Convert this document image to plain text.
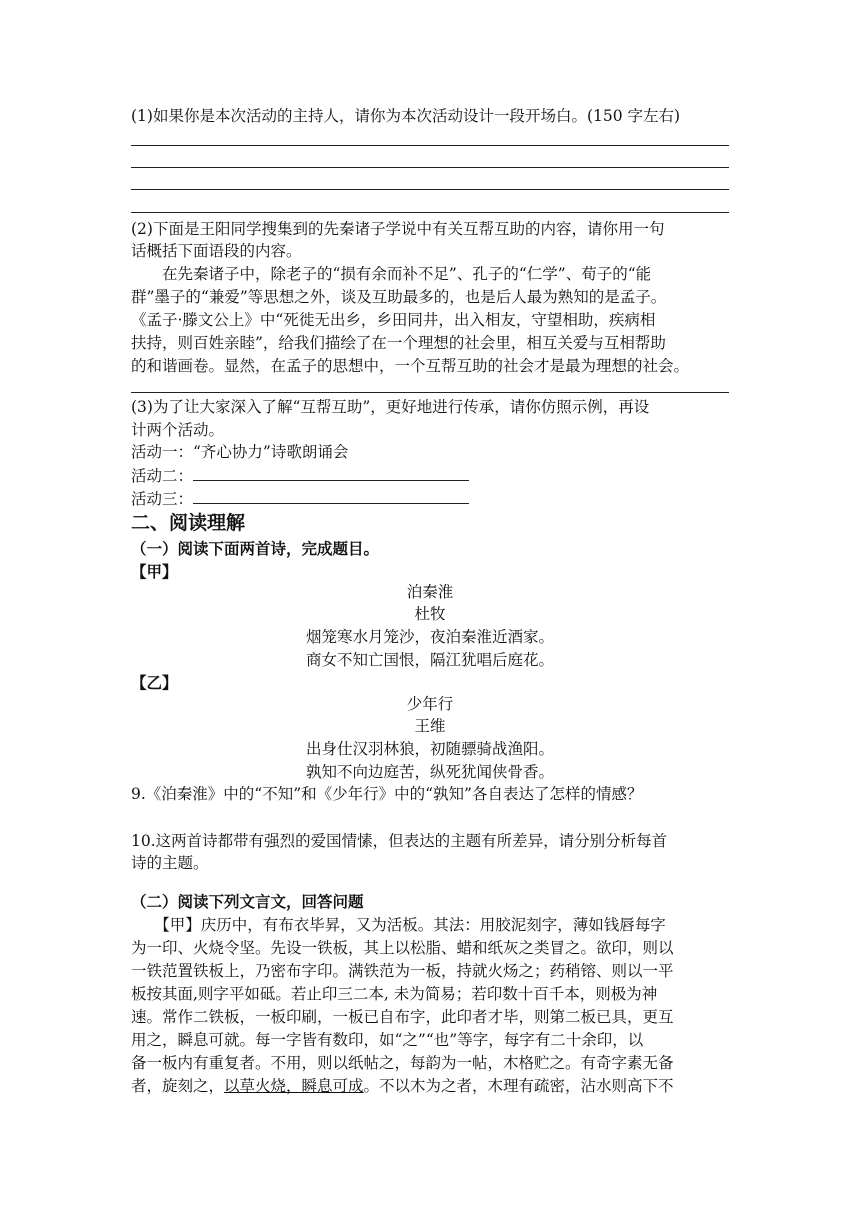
(1)如果你是本次活动的主持人，请你为本次活动设计一段开场白。(150 字左右)
(2)下面是王阳同学搜集到的先秦诸子学说中有关互帮互助的内容，请你用一句
话概括下面语段的内容。
　　在先秦诸子中，除老子的“损有余而补不足”、孔子的“仁学”、荀子的“能
群”墨子的“兼爱”等思想之外，谈及互助最多的，也是后人最为熟知的是孟子。
《孟子·滕文公上》中“死徙无出乡，乡田同井，出入相友，守望相助，疾病相
扶持，则百姓亲睦”，给我们描绘了在一个理想的社会里，相互关爱与互相帮助
的和谐画卷。显然，在孟子的思想中，一个互帮互助的社会才是最为理想的社会。
(3)为了让大家深入了解“互帮互助”，更好地进行传承，请你仿照示例，再设
计两个活动。
活动一：“齐心协力”诗歌朗诵会
活动二：
活动三：
二、阅读理解
（一）阅读下面两首诗，完成题目。
【甲】
泊秦淮
杜牧
烟笼寒水月笼沙，夜泊秦淮近酒家。
商女不知亡国恨，隔江犹唱后庭花。
【乙】
少年行
王维
出身仕汉羽林狼，初随骠骑战渔阳。
孰知不向边庭苦，纵死犹闻侠骨香。
9.《泊秦淮》中的“不知”和《少年行》中的“孰知”各自表达了怎样的情感？
10.这两首诗都带有强烈的爱国情愫，但表达的主题有所差异，请分别分析每首
诗的主题。
（二）阅读下列文言文，回答问题
　　【甲】庆历中，有布衣毕昇，又为活板。其法：用胶泥刻字，薄如钱唇每字
为一印、火烧令坚。先设一铁板，其上以松脂、蜡和纸灰之类冒之。欲印，则以
一铁范置铁板上，乃密布字印。满铁范为一板，持就火炀之；药稍镕、则以一平
板按其面,则字平如砥。若止印三二本, 未为简易；若印数十百千本，则极为神
速。常作二铁板，一板印刷，一板已自布字，此印者才毕，则第二板已具，更互
用之，瞬息可就。每一字皆有数印，如“之”“也”等字，每字有二十余印，以
备一板内有重复者。不用，则以纸帖之，每韵为一帖，木格贮之。有奇字素无备
者，旋刻之，以草火烧，瞬息可成。不以木为之者，木理有疏密，沾水则高下不
